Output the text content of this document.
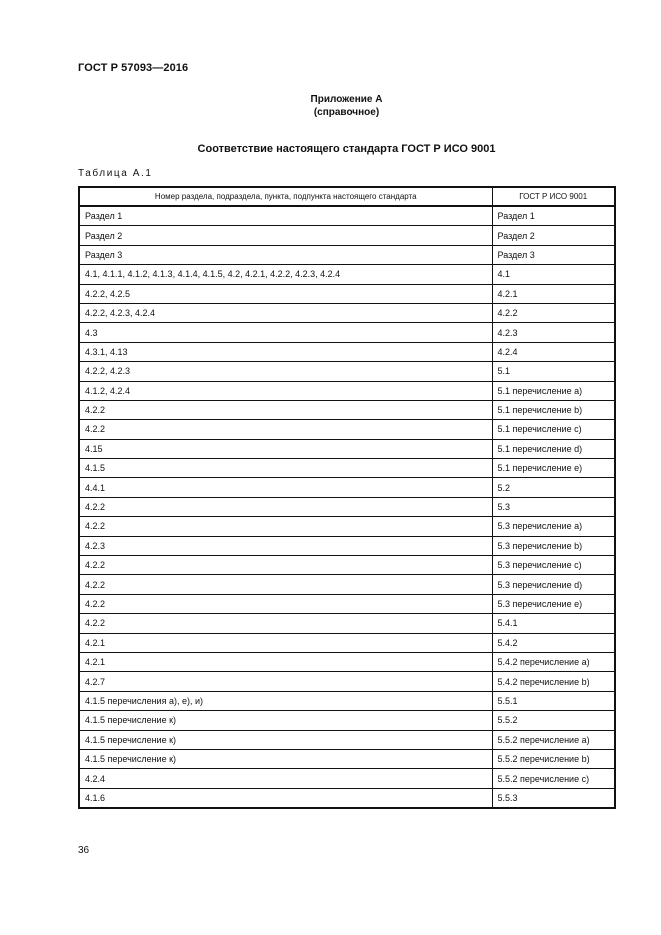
ГОСТ Р 57093—2016
Приложение А
(справочное)
Соответствие настоящего стандарта ГОСТ Р ИСО 9001
Таблица А.1
Номер раздела, подраздела, пункта, подпункта настоящего стандарта	ГОСТ Р ИСО 9001
Раздел 1	Раздел 1
Раздел 2	Раздел 2
Раздел 3	Раздел 3
4.1, 4.1.1, 4.1.2, 4.1.3, 4.1.4, 4.1.5, 4.2, 4.2.1, 4.2.2, 4.2.3, 4.2.4	4.1
4.2.2, 4.2.5	4.2.1
4.2.2, 4.2.3, 4.2.4	4.2.2
4.3	4.2.3
4.3.1, 4.13	4.2.4
4.2.2, 4.2.3	5.1
4.1.2, 4.2.4	5.1 перечисление а)
4.2.2	5.1 перечисление b)
4.2.2	5.1 перечисление с)
4.15	5.1 перечисление d)
4.1.5	5.1 перечисление е)
4.4.1	5.2
4.2.2	5.3
4.2.2	5.3 перечисление а)
4.2.3	5.3 перечисление b)
4.2.2	5.3 перечисление с)
4.2.2	5.3 перечисление d)
4.2.2	5.3 перечисление е)
4.2.2	5.4.1
4.2.1	5.4.2
4.2.1	5.4.2 перечисление а)
4.2.7	5.4.2 перечисление b)
4.1.5 перечисления а), е), и)	5.5.1
4.1.5 перечисление к)	5.5.2
4.1.5 перечисление к)	5.5.2 перечисление а)
4.1.5 перечисление к)	5.5.2 перечисление b)
4.2.4	5.5.2 перечисление с)
4.1.6	5.5.3
36
